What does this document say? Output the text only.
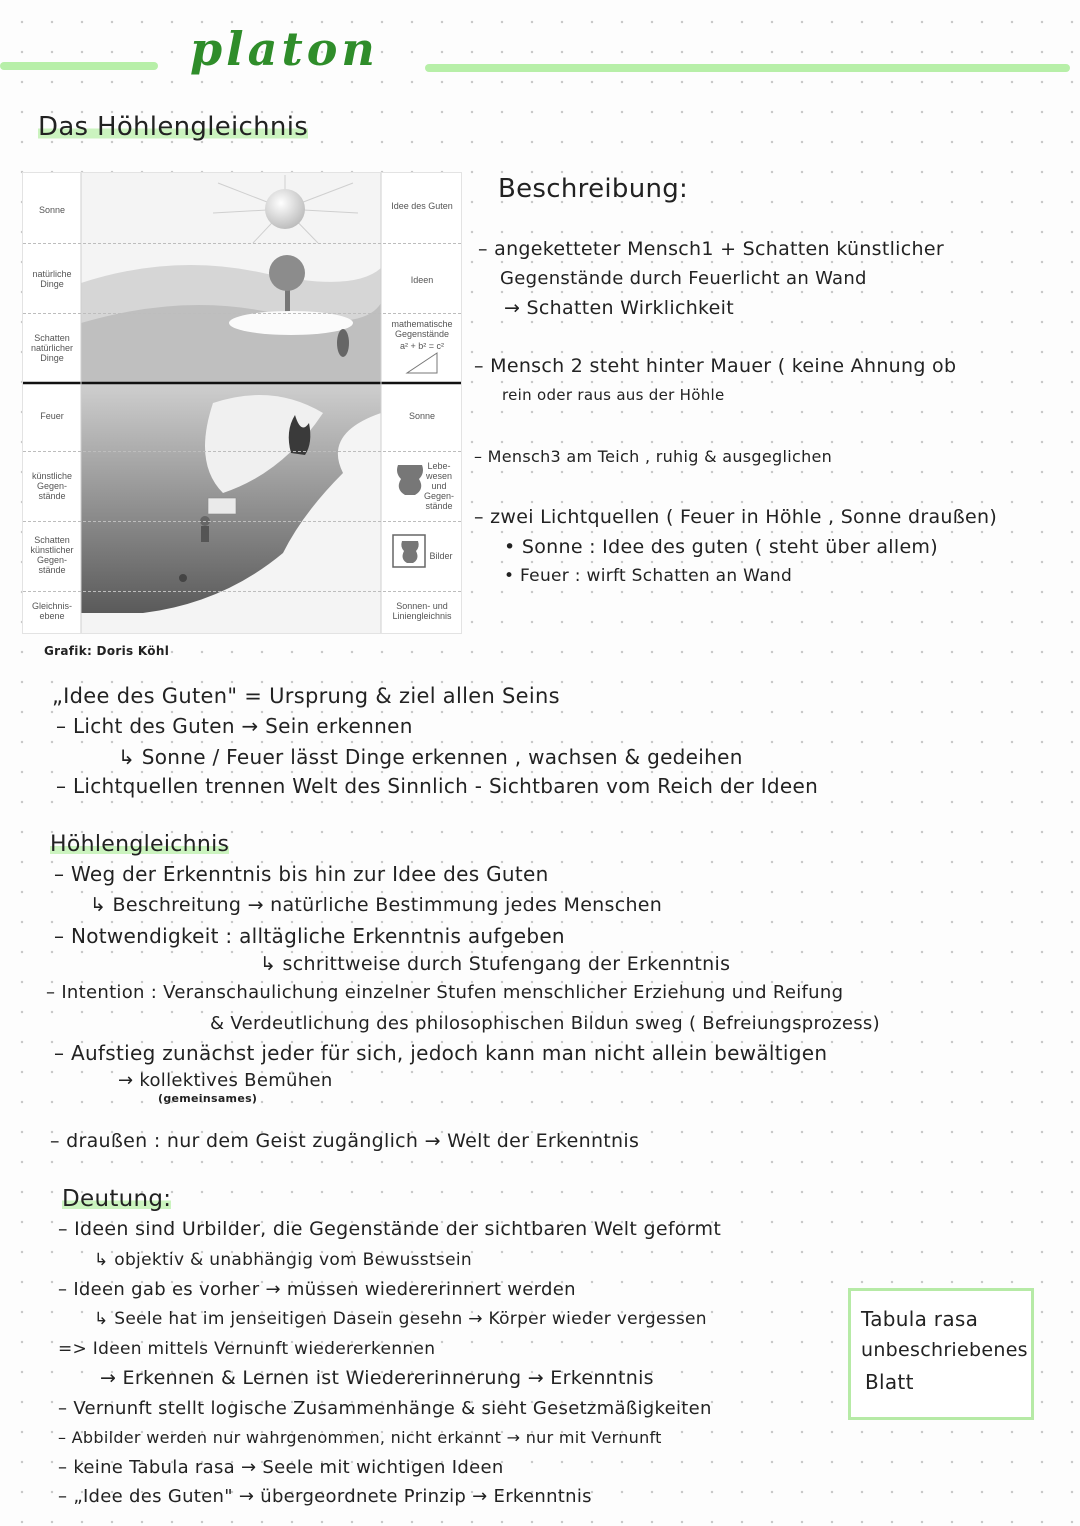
platon
Das Höhlengleichnis
Sonne
natürliche Dinge
Schatten natürlicher Dinge
Feuer
künstliche Gegen-stände
Schatten künstlicher Gegen-stände
Gleichnis-ebene
Idee des Guten
Ideen
mathematische Gegenstände
a² + b² = c²
Sonne
Lebe-wesen und Gegen-stände
Bilder
Sonnen- und Liniengleichnis
Grafik: Doris Köhl
Beschreibung:
– angeketteter Mensch1 + Schatten künstlicher
Gegenstände durch Feuerlicht an Wand
→ Schatten Wirklichkeit
– Mensch 2 steht hinter Mauer ( keine Ahnung ob
rein oder raus aus der Höhle
– Mensch3 am Teich , ruhig & ausgeglichen
– zwei Lichtquellen ( Feuer in Höhle , Sonne draußen)
• Sonne : Idee des guten ( steht über allem)
• Feuer : wirft Schatten an Wand
„Idee des Guten" = Ursprung & ziel allen Seins
– Licht des Guten → Sein erkennen
↳ Sonne / Feuer lässt Dinge erkennen , wachsen & gedeihen
– Lichtquellen trennen Welt des Sinnlich - Sichtbaren vom Reich der Ideen
Höhlengleichnis
– Weg der Erkenntnis bis hin zur Idee des Guten
↳ Beschreitung → natürliche Bestimmung jedes Menschen
– Notwendigkeit : alltägliche Erkenntnis aufgeben
↳ schrittweise durch Stufengang der Erkenntnis
– Intention : Veranschaulichung einzelner Stufen menschlicher Erziehung und Reifung
& Verdeutlichung des philosophischen Bildun sweg ( Befreiungsprozess)
– Aufstieg zunächst jeder für sich, jedoch kann man nicht allein bewältigen
→ kollektives Bemühen
(gemeinsames)
– draußen : nur dem Geist zugänglich → Welt der Erkenntnis
Deutung:
– Ideen sind Urbilder, die Gegenstände der sichtbaren Welt geformt
↳ objektiv & unabhängig vom Bewusstsein
– Ideen gab es vorher → müssen wiedererinnert werden
↳ Seele hat im jenseitigen Dasein gesehn → Körper wieder vergessen
=> Ideen mittels Vernunft wiedererkennen
→ Erkennen & Lernen ist Wiedererinnerung → Erkenntnis
– Vernunft stellt logische Zusammenhänge & sieht Gesetzmäßigkeiten
– Abbilder werden nur wahrgenommen, nicht erkannt → nur mit Vernunft
– keine Tabula rasa → Seele mit wichtigen Ideen
– „Idee des Guten" → übergeordnete Prinzip → Erkenntnis
Tabula rasa
unbeschriebenes
Blatt
